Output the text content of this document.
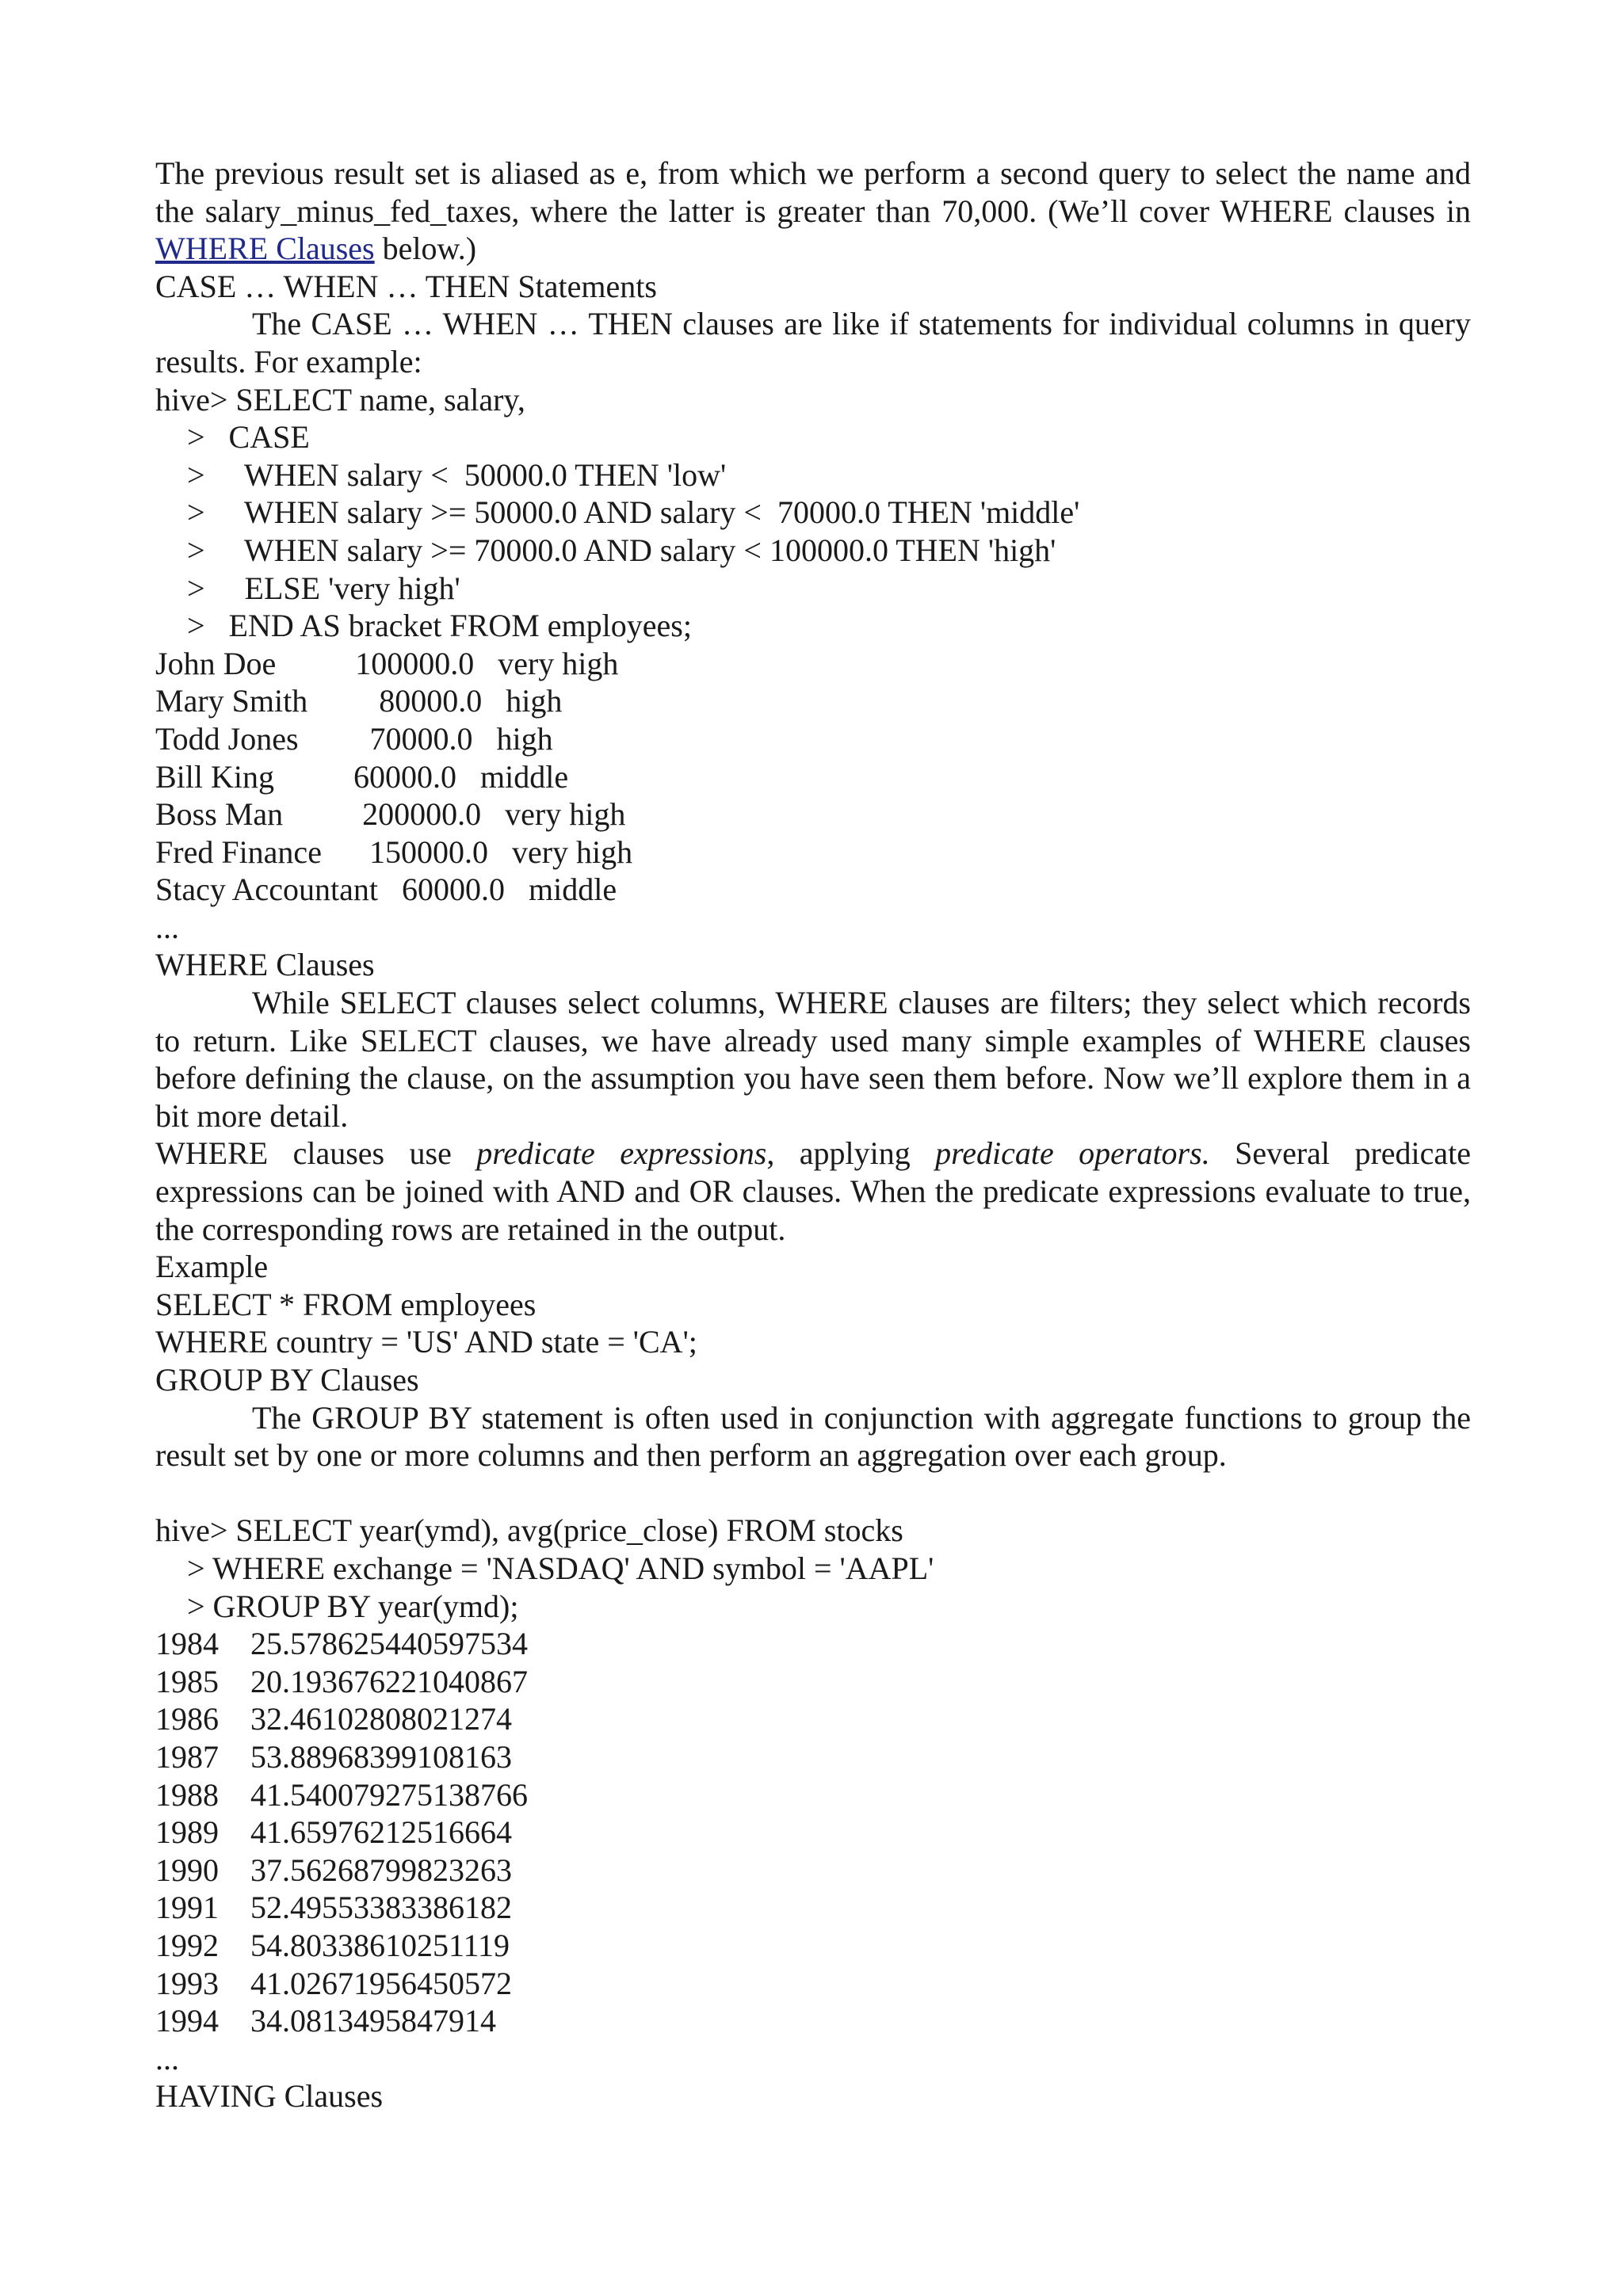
The previous result set is aliased as e, from which we perform a second query to select the name and the salary_minus_fed_taxes, where the latter is greater than 70,000. (We’ll cover WHERE clauses in WHERE Clauses below.)
CASE … WHEN … THEN Statements
The CASE … WHEN … THEN clauses are like if statements for individual columns in query results. For example:
hive> SELECT name, salary,
>   CASE
>     WHEN salary <  50000.0 THEN 'low'
>     WHEN salary >= 50000.0 AND salary <  70000.0 THEN 'middle'
>     WHEN salary >= 70000.0 AND salary < 100000.0 THEN 'high'
>     ELSE 'very high'
>   END AS bracket FROM employees;
John Doe          100000.0   very high
Mary Smith         80000.0   high
Todd Jones         70000.0   high
Bill King          60000.0   middle
Boss Man          200000.0   very high
Fred Finance      150000.0   very high
Stacy Accountant   60000.0   middle
...
WHERE Clauses
While SELECT clauses select columns, WHERE clauses are filters; they select which records to return. Like SELECT clauses, we have already used many simple examples of WHERE clauses before defining the clause, on the assumption you have seen them before. Now we’ll explore them in a bit more detail.
WHERE clauses use predicate expressions, applying predicate operators. Several predicate expressions can be joined with AND and OR clauses. When the predicate expressions evaluate to true, the corresponding rows are retained in the output.
Example
SELECT * FROM employees
WHERE country = 'US' AND state = 'CA';
GROUP BY Clauses
The GROUP BY statement is often used in conjunction with aggregate functions to group the result set by one or more columns and then perform an aggregation over each group.
hive> SELECT year(ymd), avg(price_close) FROM stocks
> WHERE exchange = 'NASDAQ' AND symbol = 'AAPL'
> GROUP BY year(ymd);
1984    25.578625440597534
1985    20.193676221040867
1986    32.46102808021274
1987    53.88968399108163
1988    41.540079275138766
1989    41.65976212516664
1990    37.56268799823263
1991    52.49553383386182
1992    54.80338610251119
1993    41.02671956450572
1994    34.0813495847914
...
HAVING Clauses
